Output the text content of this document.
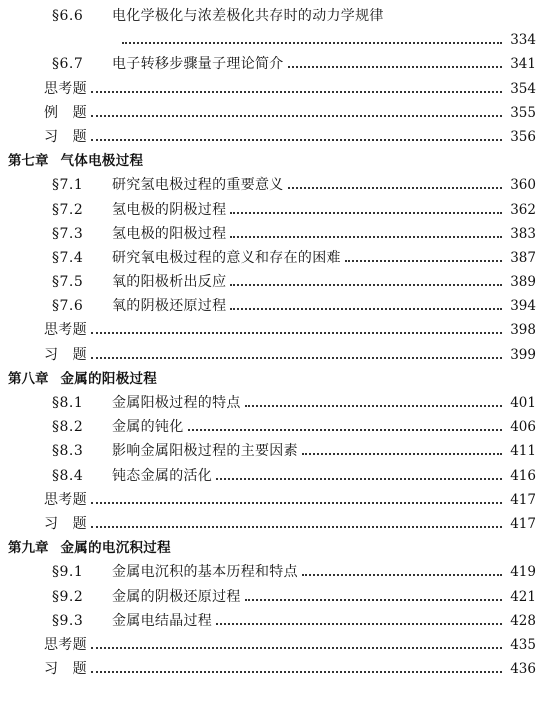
§6.6	电化学极化与浓差极化共存时的动力学规律
334
§6.7	电子转移步骤量子理论简介	341
思考题	354
例　题	355
习　题	356
第七章 气体电极过程
§7.1	研究氢电极过程的重要意义	360
§7.2	氢电极的阴极过程	362
§7.3	氢电极的阳极过程	383
§7.4	研究氧电极过程的意义和存在的困难	387
§7.5	氧的阳极析出反应	389
§7.6	氧的阴极还原过程	394
思考题	398
习　题	399
第八章 金属的阳极过程
§8.1	金属阳极过程的特点	401
§8.2	金属的钝化	406
§8.3	影响金属阳极过程的主要因素	411
§8.4	钝态金属的活化	416
思考题	417
习　题	417
第九章 金属的电沉积过程
§9.1	金属电沉积的基本历程和特点	419
§9.2	金属的阴极还原过程	421
§9.3	金属电结晶过程	428
思考题	435
习　题	436
